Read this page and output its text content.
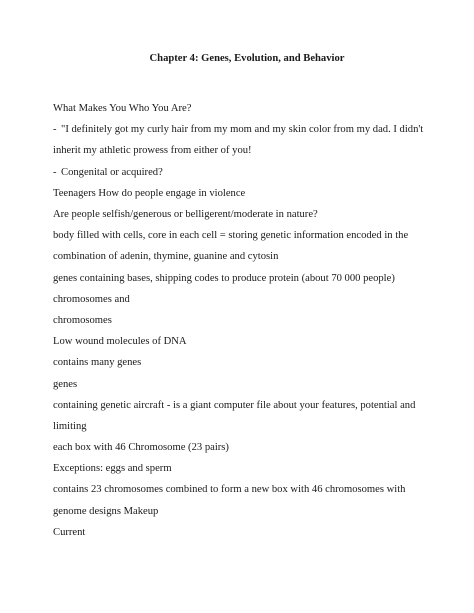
Chapter 4: Genes, Evolution, and Behavior
What Makes You Who You Are?
- "I definitely got my curly hair from my mom and my skin color from my dad. I didn't inherit my athletic prowess from either of you!
- Congenital or acquired?
Teenagers How do people engage in violence
Are people selfish/generous or belligerent/moderate in nature?
body filled with cells, core in each cell = storing genetic information encoded in the combination of adenin, thymine, guanine and cytosin
genes containing bases, shipping codes to produce protein (about 70 000 people)
chromosomes and
chromosomes
Low wound molecules of DNA
contains many genes
genes
containing genetic aircraft - is a giant computer file about your features, potential and limiting
each box with 46 Chromosome (23 pairs)
Exceptions: eggs and sperm
contains 23 chromosomes combined to form a new box with 46 chromosomes with genome designs Makeup
Current
